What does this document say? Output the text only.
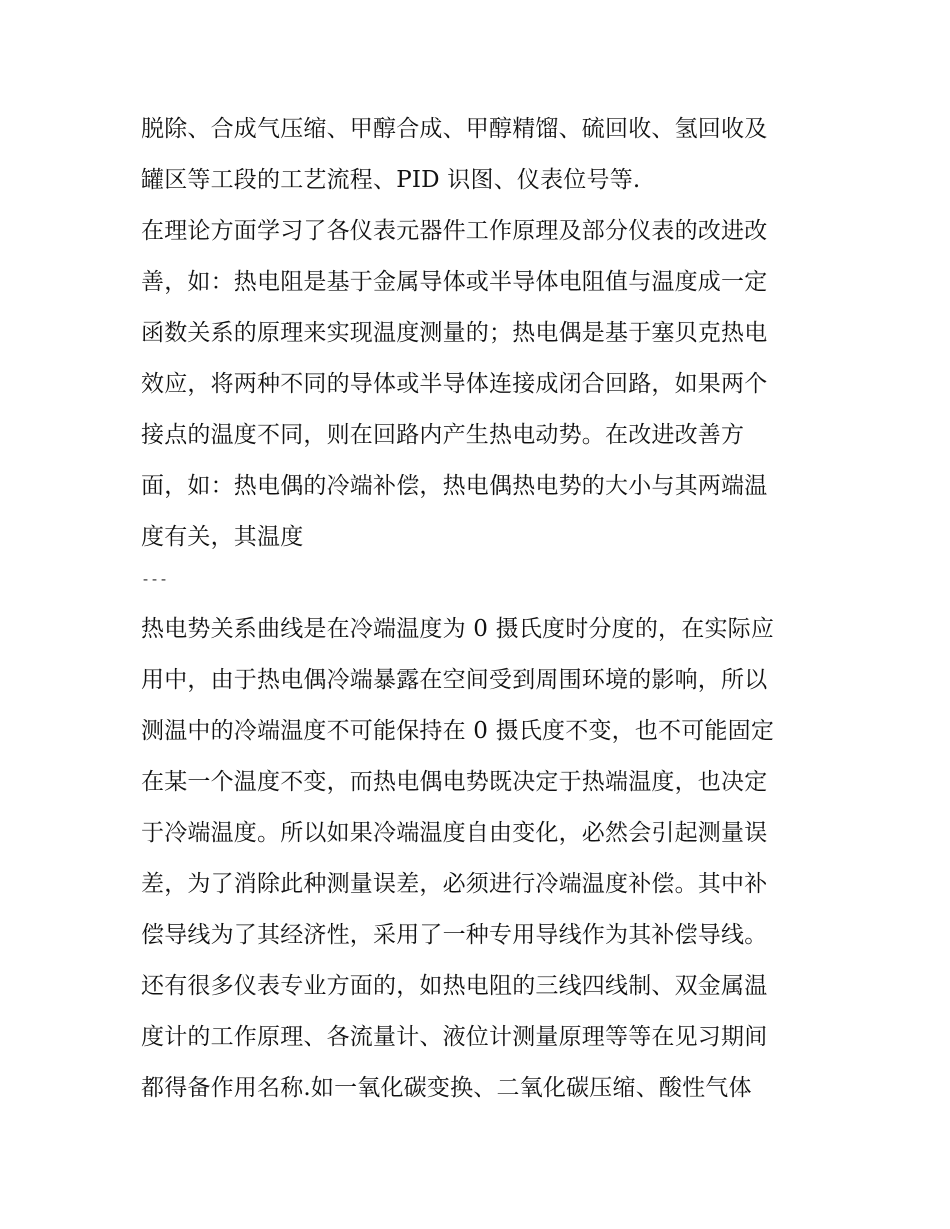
脱除、合成气压缩、甲醇合成、甲醇精馏、硫回收、氢回收及
罐区等工段的工艺流程、PID 识图、仪表位号等.
在理论方面学习了各仪表元器件工作原理及部分仪表的改进改
善，如：热电阻是基于金属导体或半导体电阻值与温度成一定
函数关系的原理来实现温度测量的；热电偶是基于塞贝克热电
效应，将两种不同的导体或半导体连接成闭合回路，如果两个
接点的温度不同，则在回路内产生热电动势。在改进改善方
面，如：热电偶的冷端补偿，热电偶热电势的大小与其两端温
度有关，其温度
---
热电势关系曲线是在冷端温度为 0 摄氏度时分度的，在实际应
用中，由于热电偶冷端暴露在空间受到周围环境的影响，所以
测温中的冷端温度不可能保持在 0 摄氏度不变，也不可能固定
在某一个温度不变，而热电偶电势既决定于热端温度，也决定
于冷端温度。所以如果冷端温度自由变化，必然会引起测量误
差，为了消除此种测量误差，必须进行冷端温度补偿。其中补
偿导线为了其经济性，采用了一种专用导线作为其补偿导线。
还有很多仪表专业方面的，如热电阻的三线四线制、双金属温
度计的工作原理、各流量计、液位计测量原理等等在见习期间
都得备作用名称.如一氧化碳变换、二氧化碳压缩、酸性气体
